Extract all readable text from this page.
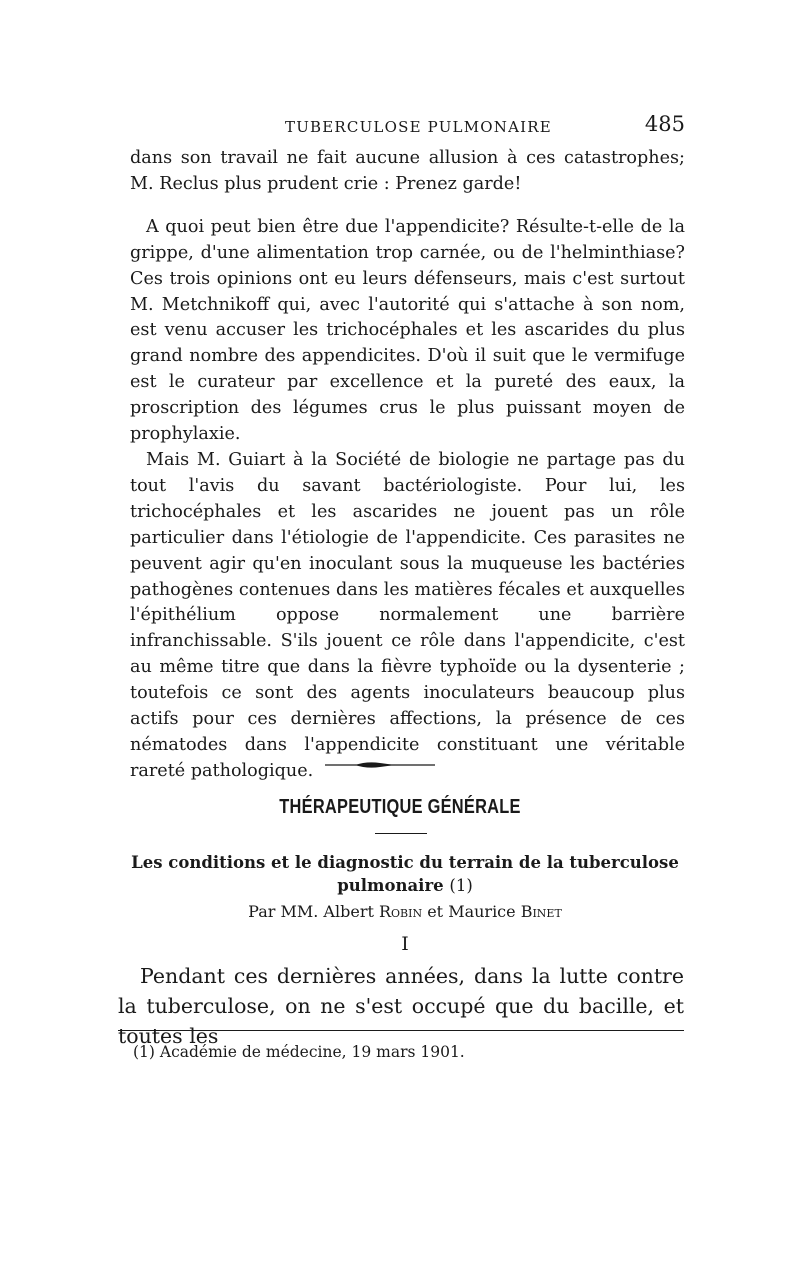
TUBERCULOSE PULMONAIRE	485

dans son travail ne fait aucune allusion à ces catastrophes; M. Reclus plus prudent crie : Prenez garde!

A quoi peut bien être due l'appendicite? Résulte-t-elle de la grippe, d'une alimentation trop carnée, ou de l'helminthiase? Ces trois opinions ont eu leurs défenseurs, mais c'est surtout M. Metchnikoff qui, avec l'autorité qui s'attache à son nom, est venu accuser les trichocéphales et les ascarides du plus grand nombre des appendicites. D'où il suit que le vermifuge est le curateur par excellence et la pureté des eaux, la proscription des légumes crus le plus puissant moyen de prophylaxie.

Mais M. Guiart à la Société de biologie ne partage pas du tout l'avis du savant bactériologiste. Pour lui, les trichocéphales et les ascarides ne jouent pas un rôle particulier dans l'étiologie de l'appendicite. Ces parasites ne peuvent agir qu'en inoculant sous la muqueuse les bactéries pathogènes contenues dans les matières fécales et auxquelles l'épithélium oppose normalement une barrière infranchissable. S'ils jouent ce rôle dans l'appendicite, c'est au même titre que dans la fièvre typhoïde ou la dysenterie ; toutefois ce sont des agents inoculateurs beaucoup plus actifs pour ces dernières affections, la présence de ces nématodes dans l'appendicite constituant une véritable rareté pathologique.

THÉRAPEUTIQUE GÉNÉRALE
Les conditions et le diagnostic du terrain de la tuberculose pulmonaire (1)
Par MM. Albert Robin et Maurice Binet
I

Pendant ces dernières années, dans la lutte contre la tuberculose, on ne s'est occupé que du bacille, et toutes les

(1) Académie de médecine, 19 mars 1901.
